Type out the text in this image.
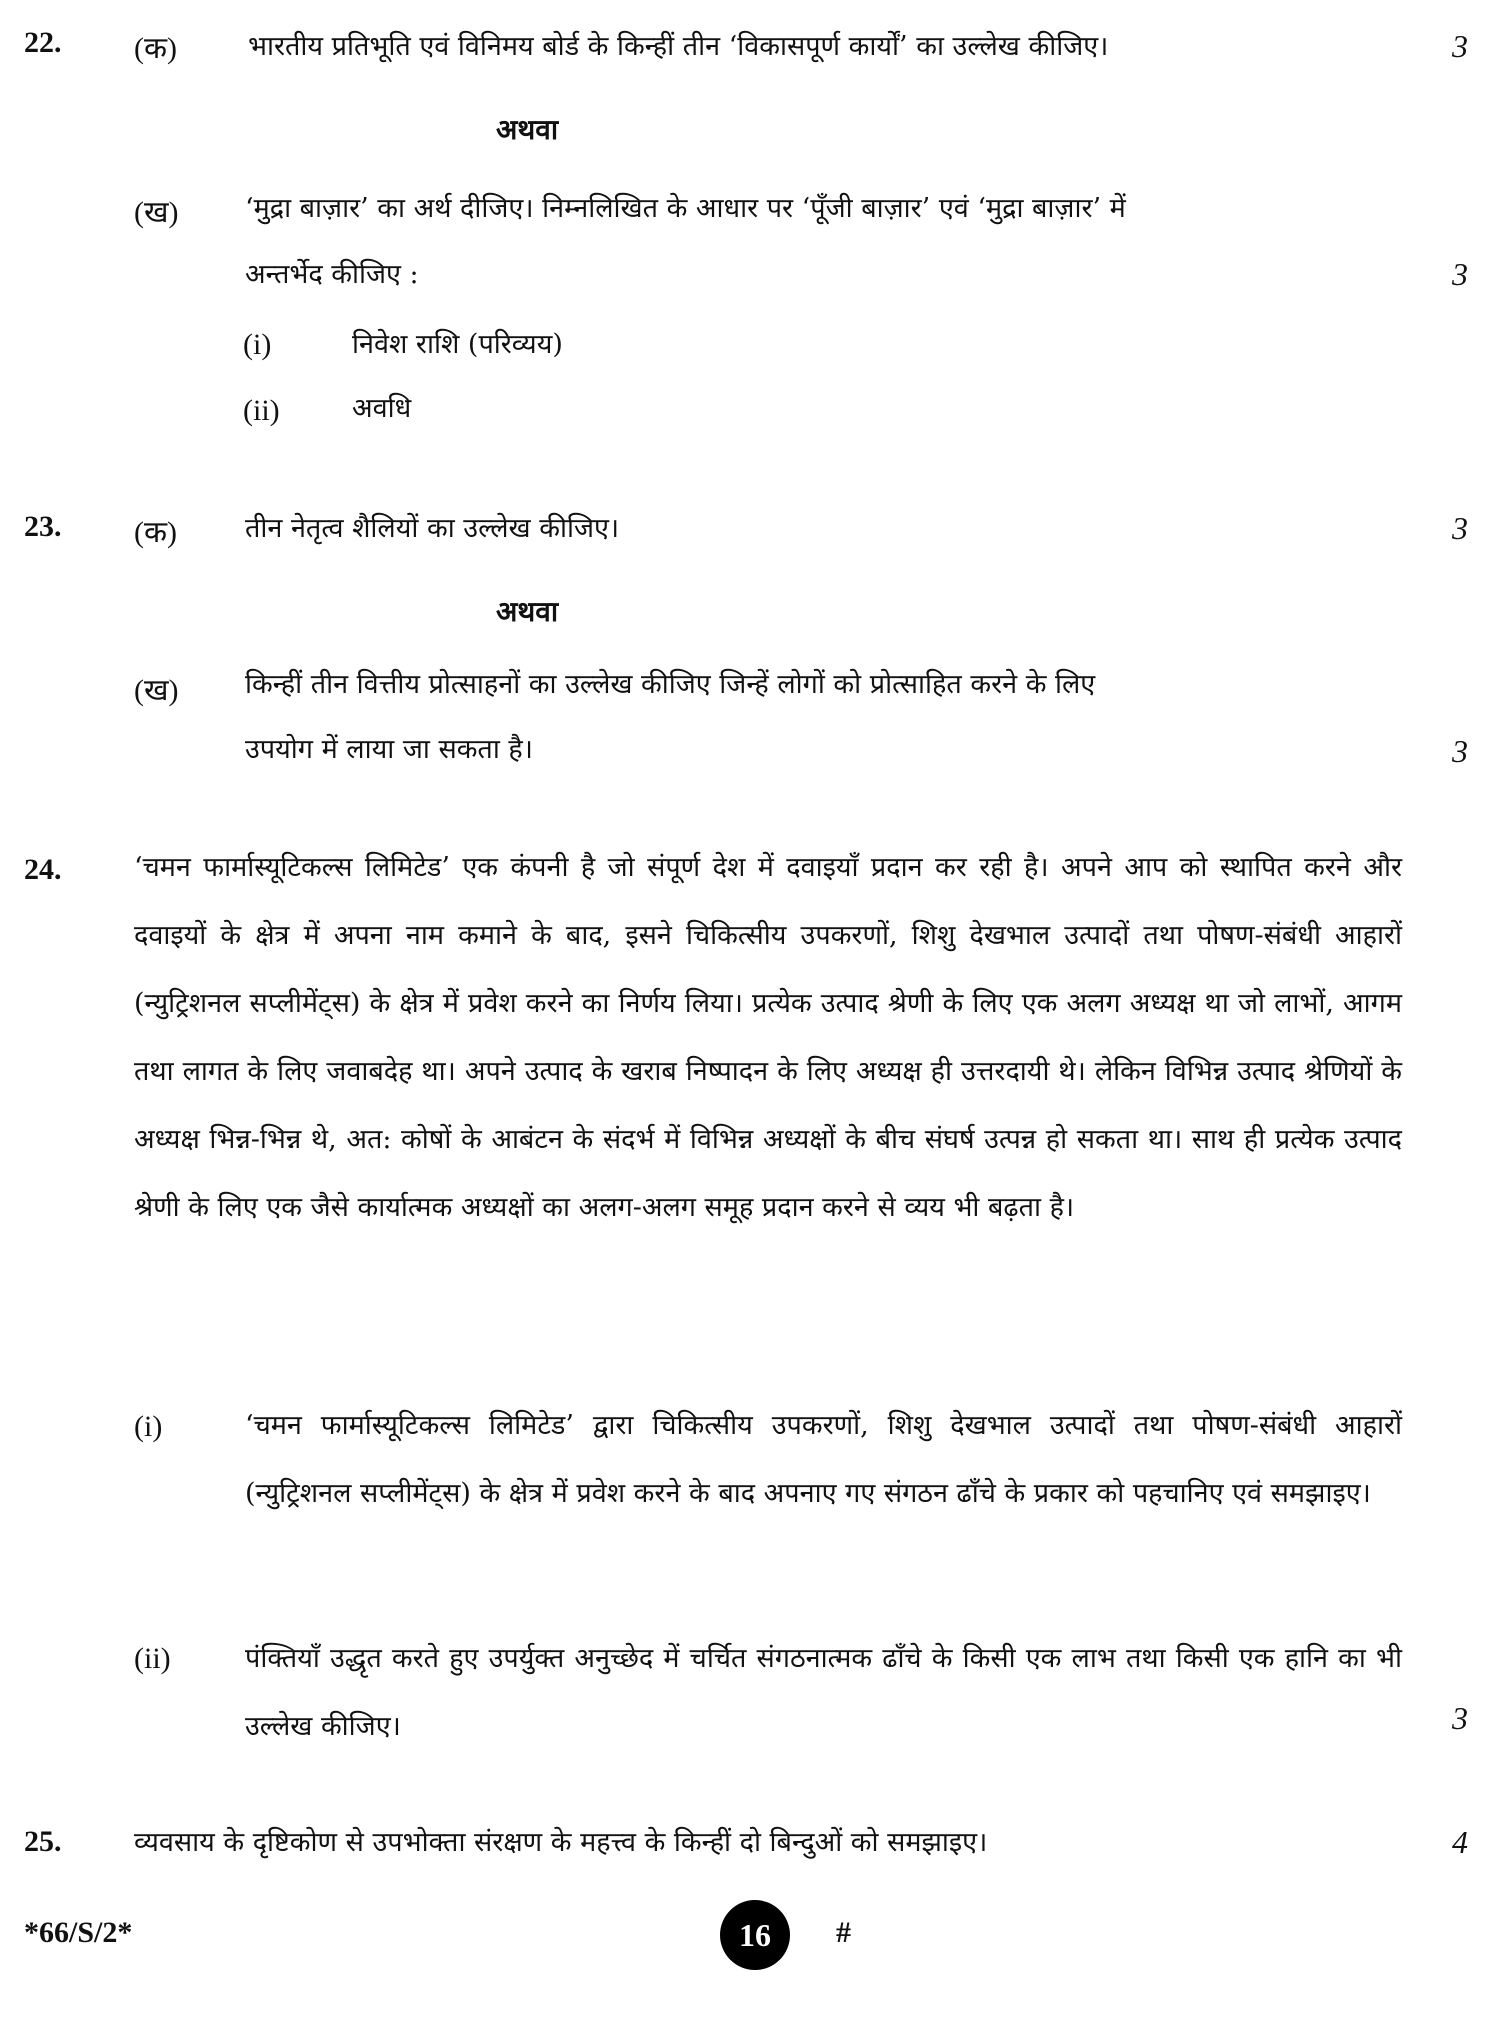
22. (क)	भारतीय प्रतिभूति एवं विनिमय बोर्ड के किन्हीं तीन ‘विकासपूर्ण कार्यों’ का उल्लेख कीजिए।	3
अथवा
(ख) ‘मुद्रा बाज़ार’ का अर्थ दीजिए। निम्नलिखित के आधार पर ‘पूँजी बाज़ार’ एवं ‘मुद्रा बाज़ार’ में
अन्तर्भेद कीजिए :	3
(i)	निवेश राशि (परिव्यय)
(ii)	अवधि
23. (क)	तीन नेतृत्व शैलियों का उल्लेख कीजिए।	3
अथवा
(ख) किन्हीं तीन वित्तीय प्रोत्साहनों का उल्लेख कीजिए जिन्हें लोगों को प्रोत्साहित करने के लिए
उपयोग में लाया जा सकता है।	3
24.	‘चमन फार्मास्यूटिकल्स लिमिटेड’ एक कंपनी है जो संपूर्ण देश में दवाइयाँ प्रदान कर रही है। अपने आप को स्थापित करने और दवाइयों के क्षेत्र में अपना नाम कमाने के बाद, इसने चिकित्सीय उपकरणों, शिशु देखभाल उत्पादों तथा पोषण-संबंधी आहारों (न्युट्रिशनल सप्लीमेंट्स) के क्षेत्र में प्रवेश करने का निर्णय लिया। प्रत्येक उत्पाद श्रेणी के लिए एक अलग अध्यक्ष था जो लाभों, आगम तथा लागत के लिए जवाबदेह था। अपने उत्पाद के खराब निष्पादन के लिए अध्यक्ष ही उत्तरदायी थे। लेकिन विभिन्न उत्पाद श्रेणियों के अध्यक्ष भिन्न-भिन्न थे, अत: कोषों के आबंटन के संदर्भ में विभिन्न अध्यक्षों के बीच संघर्ष उत्पन्न हो सकता था। साथ ही प्रत्येक उत्पाद श्रेणी के लिए एक जैसे कार्यात्मक अध्यक्षों का अलग-अलग समूह प्रदान करने से व्यय भी बढ़ता है।
(i)	‘चमन फार्मास्यूटिकल्स लिमिटेड’ द्वारा चिकित्सीय उपकरणों, शिशु देखभाल उत्पादों तथा पोषण-संबंधी आहारों (न्युट्रिशनल सप्लीमेंट्स) के क्षेत्र में प्रवेश करने के बाद अपनाए गए संगठन ढाँचे के प्रकार को पहचानिए एवं समझाइए।
(ii)	पंक्तियाँ उद्धृत करते हुए उपर्युक्त अनुच्छेद में चर्चित संगठनात्मक ढाँचे के किसी एक लाभ तथा किसी एक हानि का भी उल्लेख कीजिए।	3
25.	व्यवसाय के दृष्टिकोण से उपभोक्ता संरक्षण के महत्त्व के किन्हीं दो बिन्दुओं को समझाइए।	4
*66/S/2*	16 #
